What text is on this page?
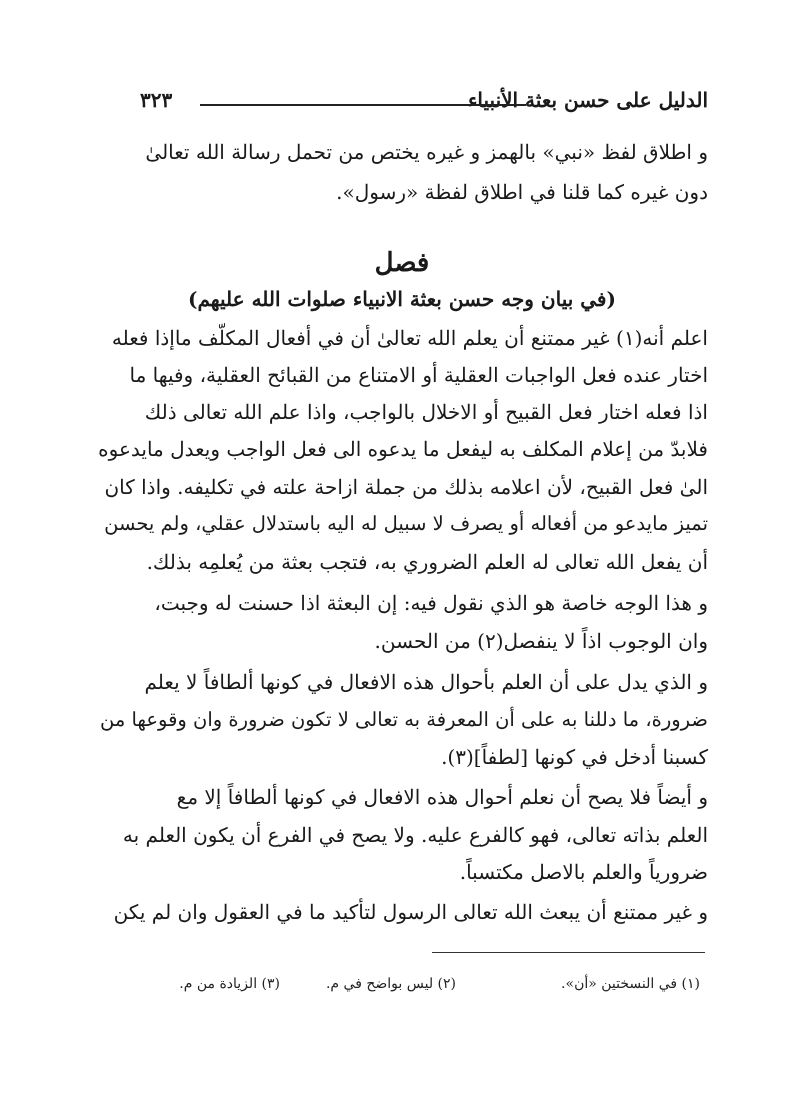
الدليل على حسن بعثة الأنبياء
٣٢٣
و اطلاق لفظ «نبي» بالهمز و غيره يختص من تحمل رسالة الله تعالىٰ
دون غيره كما قلنا في اطلاق لفظة «رسول».
فصل
(في بيان وجه حسن بعثة الانبياء صلوات الله عليهم)
اعلم أنه(١) غير ممتنع أن يعلم الله تعالىٰ أن في أفعال المكلّف ماإذا فعله
اختار عنده فعل الواجبات العقلية أو الامتناع من القبائح العقلية، وفيها ما
اذا فعله اختار فعل القبيح أو الاخلال بالواجب، واذا علم الله تعالى ذلك
فلابدّ من إعلام المكلف به ليفعل ما يدعوه الى فعل الواجب ويعدل مايدعوه
الىٰ فعل القبيح، لأن اعلامه بذلك من جملة ازاحة علته في تكليفه. واذا كان
تميز مايدعو من أفعاله أو يصرف لا سبيل له اليه باستدلال عقلي، ولم يحسن
أن يفعل الله تعالى له العلم الضروري به، فتجب بعثة من يُعلمِه بذلك.
و هذا الوجه خاصة هو الذي نقول فيه: إن البعثة اذا حسنت له وجبت،
وان الوجوب اذاً لا ينفصل(٢) من الحسن.
و الذي يدل على أن العلم بأحوال هذه الافعال في كونها ألطافاً لا يعلم
ضرورة، ما دللنا به على أن المعرفة به تعالى لا تكون ضرورة وان وقوعها من
كسبنا أدخل في كونها [لطفاً](٣).
و أيضاً فلا يصح أن نعلم أحوال هذه الافعال في كونها ألطافاً إلا مع
العلم بذاته تعالى، فهو كالفرع عليه. ولا يصح في الفرع أن يكون العلم به
ضرورياً والعلم بالاصل مكتسباً.
و غير ممتنع أن يبعث الله تعالى الرسول لتأكيد ما في العقول وان لم يكن
(١) في النسختين «أن».
(٢) ليس بواضح في م.
(٣) الزيادة من م.
